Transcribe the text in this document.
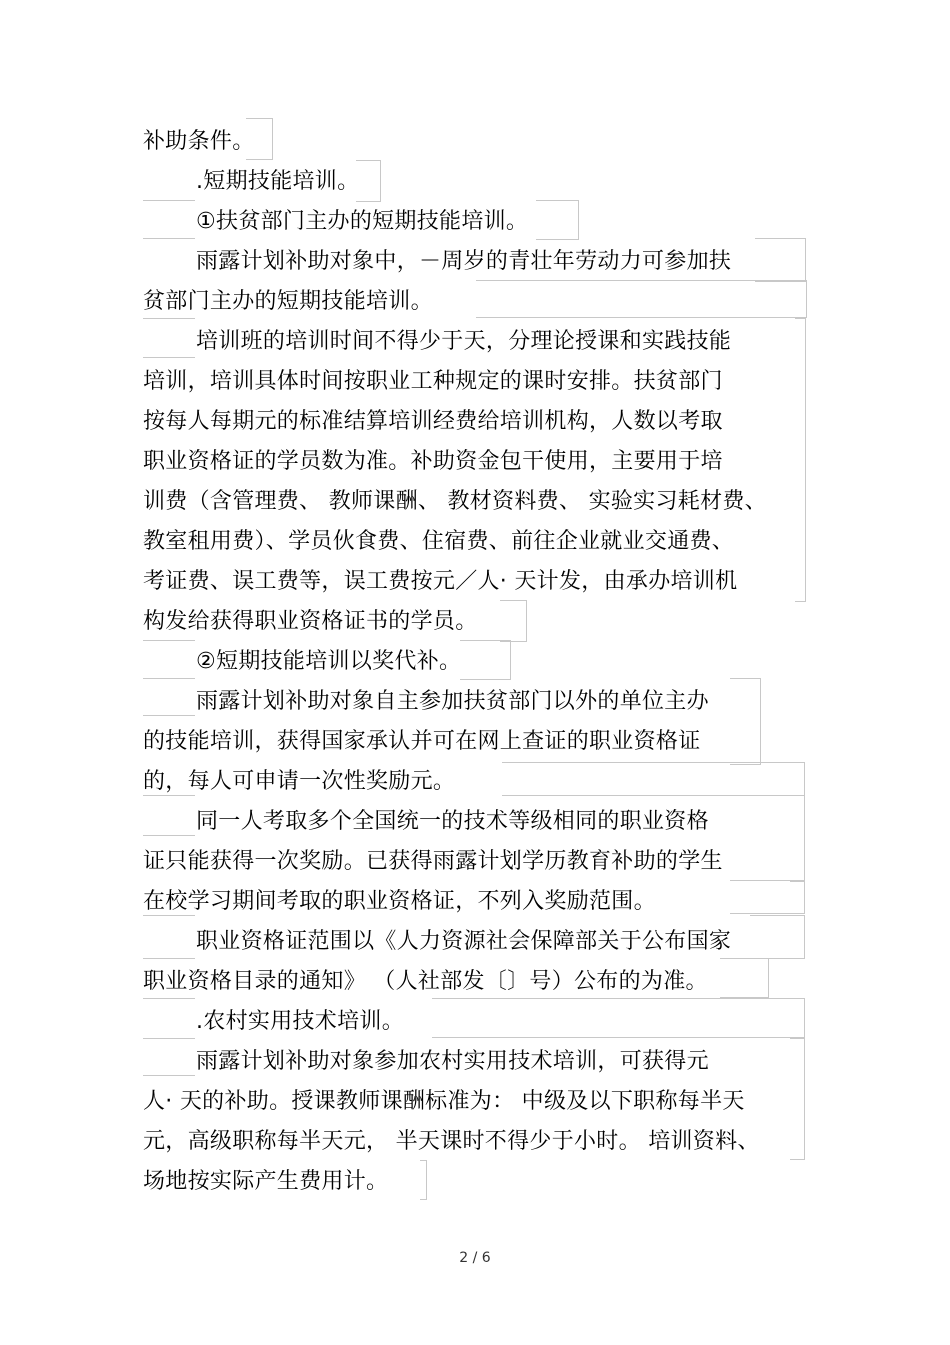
补助条件。
.短期技能培训。
①扶贫部门主办的短期技能培训。
雨露计划补助对象中，－周岁的青壮年劳动力可参加扶
贫部门主办的短期技能培训。
培训班的培训时间不得少于天，分理论授课和实践技能
培训，培训具体时间按职业工种规定的课时安排。扶贫部门
按每人每期元的标准结算培训经费给培训机构，人数以考取
职业资格证的学员数为准。补助资金包干使用，主要用于培
训费（含管理费、 教师课酬、 教材资料费、 实验实习耗材费、
教室租用费）、学员伙食费、住宿费、前往企业就业交通费、
考证费、误工费等，误工费按元／人· 天计发，由承办培训机
构发给获得职业资格证书的学员。
②短期技能培训以奖代补。
雨露计划补助对象自主参加扶贫部门以外的单位主办
的技能培训，获得国家承认并可在网上查证的职业资格证
的，每人可申请一次性奖励元。
同一人考取多个全国统一的技术等级相同的职业资格
证只能获得一次奖励。已获得雨露计划学历教育补助的学生
在校学习期间考取的职业资格证，不列入奖励范围。
职业资格证范围以《人力资源社会保障部关于公布国家
职业资格目录的通知》 （人社部发〔〕号）公布的为准。
.农村实用技术培训。
雨露计划补助对象参加农村实用技术培训，可获得元
人· 天的补助。授课教师课酬标准为： 中级及以下职称每半天
元，高级职称每半天元， 半天课时不得少于小时。 培训资料、
场地按实际产生费用计。
2 / 6
